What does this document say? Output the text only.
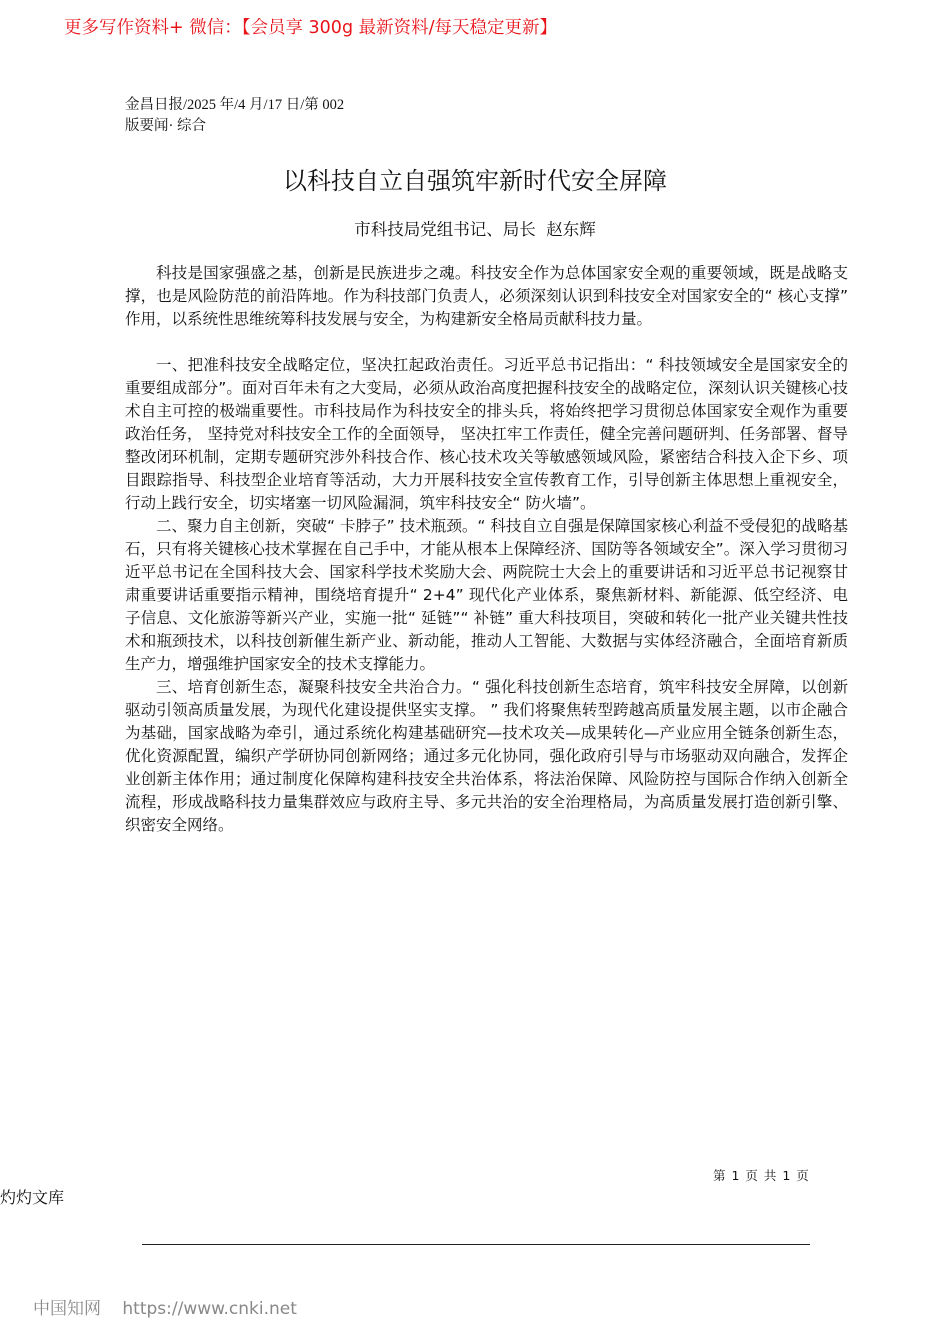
更多写作资料+ 微信：【会员享 300g 最新资料/每天稳定更新】
金昌日报/2025 年/4 月/17 日/第 002
版要闻· 综合
以科技自立自强筑牢新时代安全屏障
市科技局党组书记、局长  赵东辉

科技是国家强盛之基，创新是民族进步之魂。科技安全作为总体国家安全观的重要领域，既是战略支撑，也是风险防范的前沿阵地。作为科技部门负责人，必须深刻认识到科技安全对国家安全的“ 核心支撑” 作用，以系统性思维统筹科技发展与安全，为构建新安全格局贡献科技力量。

一、把准科技安全战略定位，坚决扛起政治责任。习近平总书记指出：“ 科技领域安全是国家安全的重要组成部分”。面对百年未有之大变局，必须从政治高度把握科技安全的战略定位，深刻认识关键核心技术自主可控的极端重要性。市科技局作为科技安全的排头兵，将始终把学习贯彻总体国家安全观作为重要政治任务， 坚持党对科技安全工作的全面领导， 坚决扛牢工作责任，健全完善问题研判、任务部署、督导整改闭环机制，定期专题研究涉外科技合作、核心技术攻关等敏感领域风险，紧密结合科技入企下乡、项目跟踪指导、科技型企业培育等活动，大力开展科技安全宣传教育工作，引导创新主体思想上重视安全，行动上践行安全，切实堵塞一切风险漏洞，筑牢科技安全“ 防火墙”。

二、聚力自主创新，突破“ 卡脖子” 技术瓶颈。“ 科技自立自强是保障国家核心利益不受侵犯的战略基石，只有将关键核心技术掌握在自己手中，才能从根本上保障经济、国防等各领域安全”。深入学习贯彻习近平总书记在全国科技大会、国家科学技术奖励大会、两院院士大会上的重要讲话和习近平总书记视察甘肃重要讲话重要指示精神，围绕培育提升“ 2+4” 现代化产业体系，聚焦新材料、新能源、低空经济、电子信息、文化旅游等新兴产业，实施一批“ 延链”“ 补链” 重大科技项目，突破和转化一批产业关键共性技术和瓶颈技术，以科技创新催生新产业、新动能，推动人工智能、大数据与实体经济融合，全面培育新质生产力，增强维护国家安全的技术支撑能力。

三、培育创新生态，凝聚科技安全共治合力。“ 强化科技创新生态培育，筑牢科技安全屏障，以创新驱动引领高质量发展，为现代化建设提供坚实支撑。 ” 我们将聚焦转型跨越高质量发展主题，以市企融合为基础，国家战略为牵引，通过系统化构建基础研究—技术攻关—成果转化—产业应用全链条创新生态，优化资源配置，编织产学研协同创新网络；通过多元化协同，强化政府引导与市场驱动双向融合，发挥企业创新主体作用；通过制度化保障构建科技安全共治体系，将法治保障、风险防控与国际合作纳入创新全流程，形成战略科技力量集群效应与政府主导、多元共治的安全治理格局，为高质量发展打造创新引擎、织密安全网络。

第 1 页 共 1 页
灼灼文库
中国知网 https://www.cnki.net
